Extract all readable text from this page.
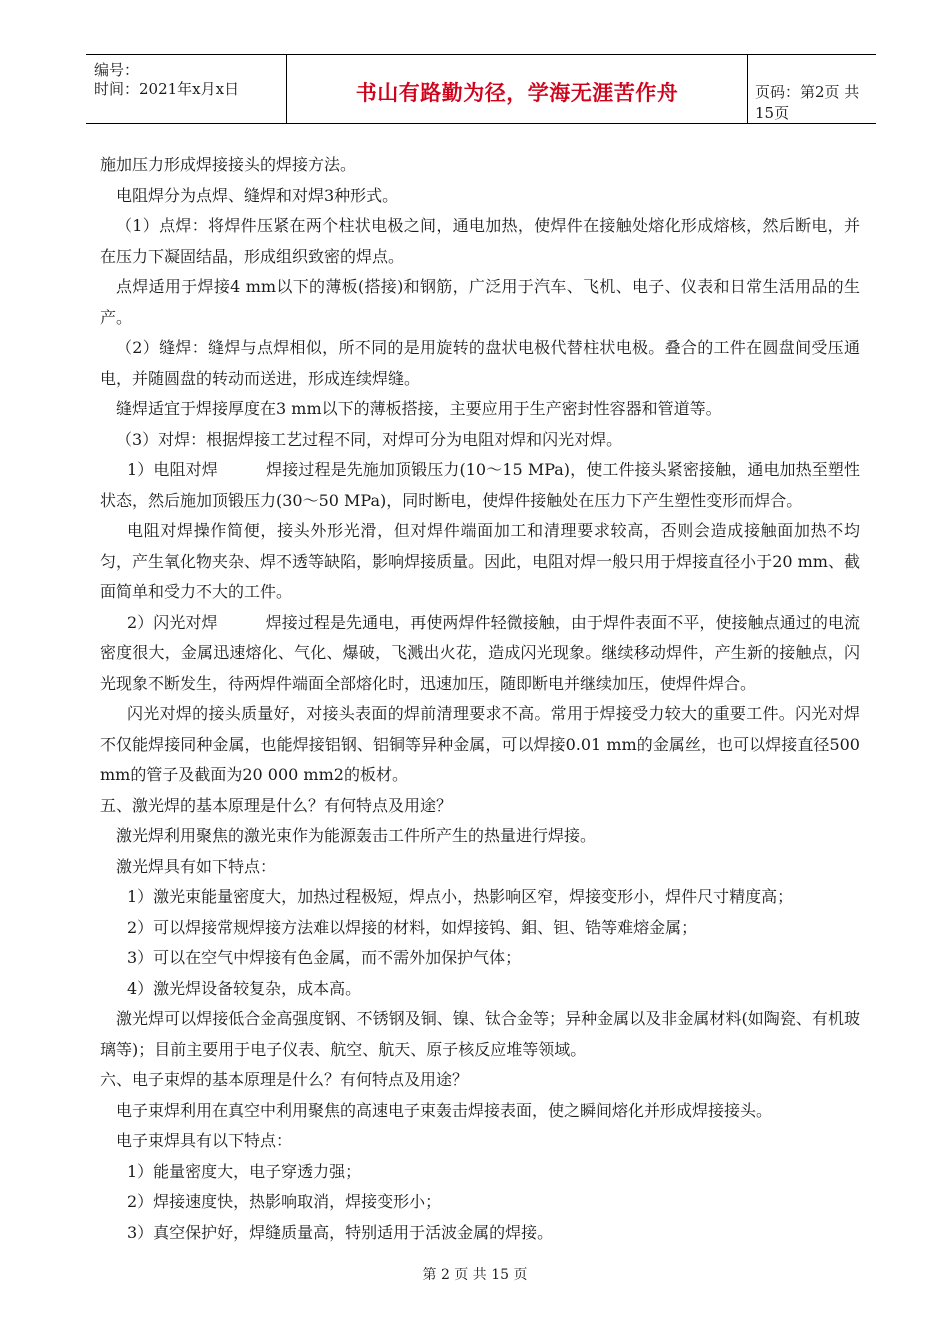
编号：
时间：2021年x月x日	书山有路勤为径，学海无涯苦作舟	页码：第2页 共15页

施加压力形成焊接接头的焊接方法。

电阻焊分为点焊、缝焊和对焊3种形式。

（1）点焊：将焊件压紧在两个柱状电极之间，通电加热，使焊件在接触处熔化形成熔核，然后断电，并在压力下凝固结晶，形成组织致密的焊点。

点焊适用于焊接4 mm以下的薄板(搭接)和钢筋，广泛用于汽车、飞机、电子、仪表和日常生活用品的生产。

（2）缝焊：缝焊与点焊相似，所不同的是用旋转的盘状电极代替柱状电极。叠合的工件在圆盘间受压通电，并随圆盘的转动而送进，形成连续焊缝。

缝焊适宜于焊接厚度在3 mm以下的薄板搭接，主要应用于生产密封性容器和管道等。

（3）对焊：根据焊接工艺过程不同，对焊可分为电阻对焊和闪光对焊。

1）电阻对焊　　　焊接过程是先施加顶锻压力(10～15 MPa)，使工件接头紧密接触，通电加热至塑性状态，然后施加顶锻压力(30～50 MPa)，同时断电，使焊件接触处在压力下产生塑性变形而焊合。

电阻对焊操作简便，接头外形光滑，但对焊件端面加工和清理要求较高，否则会造成接触面加热不均匀，产生氧化物夹杂、焊不透等缺陷，影响焊接质量。因此，电阻对焊一般只用于焊接直径小于20 mm、截面简单和受力不大的工件。

2）闪光对焊　　　焊接过程是先通电，再使两焊件轻微接触，由于焊件表面不平，使接触点通过的电流密度很大，金属迅速熔化、气化、爆破，飞溅出火花，造成闪光现象。继续移动焊件，产生新的接触点，闪光现象不断发生，待两焊件端面全部熔化时，迅速加压，随即断电并继续加压，使焊件焊合。

闪光对焊的接头质量好，对接头表面的焊前清理要求不高。常用于焊接受力较大的重要工件。闪光对焊不仅能焊接同种金属，也能焊接铝钢、铝铜等异种金属，可以焊接0.01 mm的金属丝，也可以焊接直径500 mm的管子及截面为20 000 mm2的板材。

五、激光焊的基本原理是什么？有何特点及用途？

激光焊利用聚焦的激光束作为能源轰击工件所产生的热量进行焊接。

激光焊具有如下特点：

1）激光束能量密度大，加热过程极短，焊点小，热影响区窄，焊接变形小，焊件尺寸精度高；

2）可以焊接常规焊接方法难以焊接的材料，如焊接钨、鉬、钽、锆等难熔金属；

3）可以在空气中焊接有色金属，而不需外加保护气体；

4）激光焊设备较复杂，成本高。

激光焊可以焊接低合金高强度钢、不锈钢及铜、镍、钛合金等；异种金属以及非金属材料(如陶瓷、有机玻璃等)；目前主要用于电子仪表、航空、航天、原子核反应堆等领域。

六、电子束焊的基本原理是什么？有何特点及用途？

电子束焊利用在真空中利用聚焦的高速电子束轰击焊接表面，使之瞬间熔化并形成焊接接头。

电子束焊具有以下特点：

1）能量密度大，电子穿透力强；

2）焊接速度快，热影响取消，焊接变形小；

3）真空保护好，焊缝质量高，特别适用于活波金属的焊接。

第 2 页 共 15 页
